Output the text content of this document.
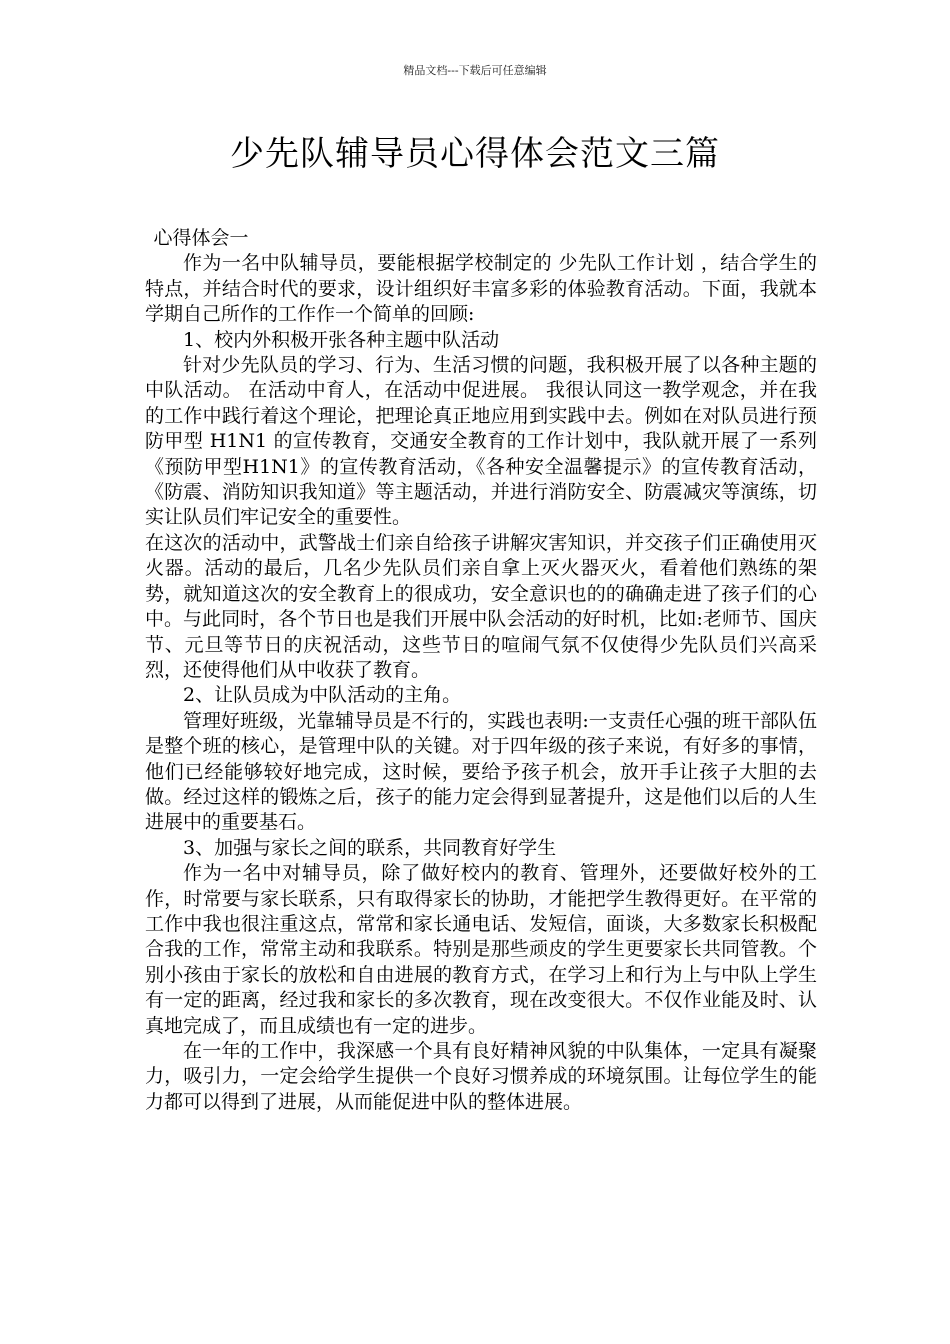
精品文档---下载后可任意编辑
少先队辅导员心得体会范文三篇

心得体会一

作为一名中队辅导员，要能根据学校制定的 少先队工作计划 ，结合学生的特点，并结合时代的要求，设计组织好丰富多彩的体验教育活动。下面，我就本学期自己所作的工作作一个简单的回顾:

1、校内外积极开张各种主题中队活动

针对少先队员的学习、行为、生活习惯的问题，我积极开展了以各种主题的中队活动。 在活动中育人，在活动中促进展。 我很认同这一教学观念，并在我的工作中践行着这个理论，把理论真正地应用到实践中去。例如在对队员进行预防甲型 H1N1 的宣传教育，交通安全教育的工作计划中，我队就开展了一系列《预防甲型H1N1》的宣传教育活动，《各种安全温馨提示》的宣传教育活动，《防震、消防知识我知道》等主题活动，并进行消防安全、防震减灾等演练，切实让队员们牢记安全的重要性。

在这次的活动中，武警战士们亲自给孩子讲解灾害知识，并交孩子们正确使用灭火器。活动的最后，几名少先队员们亲自拿上灭火器灭火，看着他们熟练的架势，就知道这次的安全教育上的很成功，安全意识也的的确确走进了孩子们的心中。与此同时，各个节日也是我们开展中队会活动的好时机，比如:老师节、国庆节、元旦等节日的庆祝活动，这些节日的喧闹气氛不仅使得少先队员们兴高采烈，还使得他们从中收获了教育。

2、让队员成为中队活动的主角。

管理好班级，光靠辅导员是不行的，实践也表明:一支责任心强的班干部队伍是整个班的核心，是管理中队的关键。对于四年级的孩子来说，有好多的事情，他们已经能够较好地完成，这时候，要给予孩子机会，放开手让孩子大胆的去做。经过这样的锻炼之后，孩子的能力定会得到显著提升，这是他们以后的人生进展中的重要基石。

3、加强与家长之间的联系，共同教育好学生

作为一名中对辅导员，除了做好校内的教育、管理外，还要做好校外的工作，时常要与家长联系，只有取得家长的协助，才能把学生教得更好。在平常的工作中我也很注重这点，常常和家长通电话、发短信，面谈，大多数家长积极配合我的工作，常常主动和我联系。特别是那些顽皮的学生更要家长共同管教。个别小孩由于家长的放松和自由进展的教育方式，在学习上和行为上与中队上学生有一定的距离，经过我和家长的多次教育，现在改变很大。不仅作业能及时、认真地完成了，而且成绩也有一定的进步。

在一年的工作中，我深感一个具有良好精神风貌的中队集体，一定具有凝聚力，吸引力，一定会给学生提供一个良好习惯养成的环境氛围。让每位学生的能力都可以得到了进展，从而能促进中队的整体进展。
